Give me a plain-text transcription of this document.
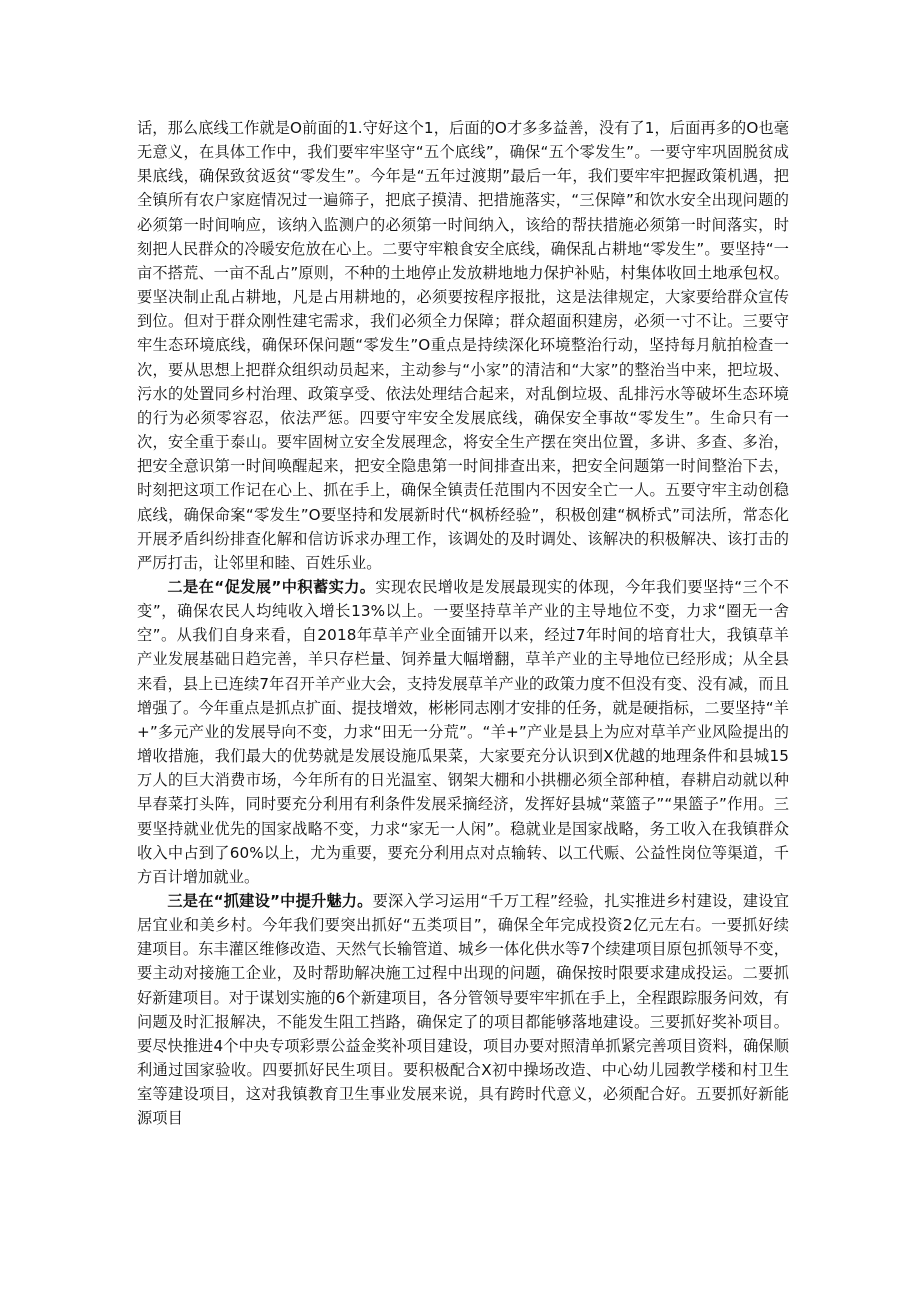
话，那么底线工作就是O前面的1.守好这个1，后面的O才多多益善，没有了1，后面再多的O也毫无意义，在具体工作中，我们要牢牢坚守“五个底线”，确保“五个零发生”。一要守牢巩固脱贫成果底线，确保致贫返贫“零发生”。今年是“五年过渡期”最后一年，我们要牢牢把握政策机遇，把全镇所有农户家庭情况过一遍筛子，把底子摸清、把措施落实，“三保障”和饮水安全出现问题的必须第一时间响应，该纳入监测户的必须第一时间纳入，该给的帮扶措施必须第一时间落实，时刻把人民群众的冷暖安危放在心上。二要守牢粮食安全底线，确保乱占耕地“零发生”。要坚持“一亩不搭荒、一亩不乱占”原则，不种的土地停止发放耕地地力保护补贴，村集体收回土地承包权。要坚决制止乱占耕地，凡是占用耕地的，必须要按程序报批，这是法律规定，大家要给群众宣传到位。但对于群众刚性建宅需求，我们必须全力保障；群众超面积建房，必须一寸不让。三要守牢生态环境底线，确保环保问题“零发生”O重点是持续深化环境整治行动，坚持每月航拍检查一次，要从思想上把群众组织动员起来，主动参与“小家”的清洁和“大家”的整治当中来，把垃圾、污水的处置同乡村治理、政策享受、依法处理结合起来，对乱倒垃圾、乱排污水等破坏生态环境的行为必须零容忍，依法严惩。四要守牢安全发展底线，确保安全事故“零发生”。生命只有一次，安全重于泰山。要牢固树立安全发展理念，将安全生产摆在突出位置，多讲、多查、多治，把安全意识第一时间唤醒起来，把安全隐患第一时间排查出来，把安全问题第一时间整治下去，时刻把这项工作记在心上、抓在手上，确保全镇责任范围内不因安全亡一人。五要守牢主动创稳底线，确保命案“零发生”O要坚持和发展新时代“枫桥经验”，积极创建“枫桥式”司法所，常态化开展矛盾纠纷排查化解和信访诉求办理工作，该调处的及时调处、该解决的积极解决、该打击的严厉打击，让邻里和睦、百姓乐业。

二是在“促发展”中积蓄实力。实现农民增收是发展最现实的体现，今年我们要坚持“三个不变”，确保农民人均纯收入增长13%以上。一要坚持草羊产业的主导地位不变，力求“圈无一舍空”。从我们自身来看，自2018年草羊产业全面铺开以来，经过7年时间的培育壮大，我镇草羊产业发展基础日趋完善，羊只存栏量、饲养量大幅增翻，草羊产业的主导地位已经形成；从全县来看，县上已连续7年召开羊产业大会，支持发展草羊产业的政策力度不但没有变、没有减，而且增强了。今年重点是抓点扩面、提技增效，彬彬同志刚才安排的任务，就是硬指标，二要坚持“羊+”多元产业的发展导向不变，力求“田无一分荒”。“羊+”产业是县上为应对草羊产业风险提出的增收措施，我们最大的优势就是发展设施瓜果菜，大家要充分认识到X优越的地理条件和县城15万人的巨大消费市场，今年所有的日光温室、钢架大棚和小拱棚必须全部种植，春耕启动就以种早春菜打头阵，同时要充分利用有利条件发展采摘经济，发挥好县城“菜篮子”“果篮子”作用。三要坚持就业优先的国家战略不变，力求“家无一人闲”。稳就业是国家战略，务工收入在我镇群众收入中占到了60%以上，尤为重要，要充分利用点对点输转、以工代赈、公益性岗位等渠道，千方百计增加就业。

三是在“抓建设”中提升魅力。要深入学习运用“千万工程”经验，扎实推进乡村建设，建设宜居宜业和美乡村。今年我们要突出抓好“五类项目”，确保全年完成投资2亿元左右。一要抓好续建项目。东丰灌区维修改造、天然气长输管道、城乡一体化供水等7个续建项目原包抓领导不变，要主动对接施工企业，及时帮助解决施工过程中出现的问题，确保按时限要求建成投运。二要抓好新建项目。对于谋划实施的6个新建项目，各分管领导要牢牢抓在手上，全程跟踪服务问效，有问题及时汇报解决，不能发生阻工挡路，确保定了的项目都能够落地建设。三要抓好奖补项目。要尽快推进4个中央专项彩票公益金奖补项目建设，项目办要对照清单抓紧完善项目资料，确保顺利通过国家验收。四要抓好民生项目。要积极配合X初中操场改造、中心幼儿园教学楼和村卫生室等建设项目，这对我镇教育卫生事业发展来说，具有跨时代意义，必须配合好。五要抓好新能源项目
